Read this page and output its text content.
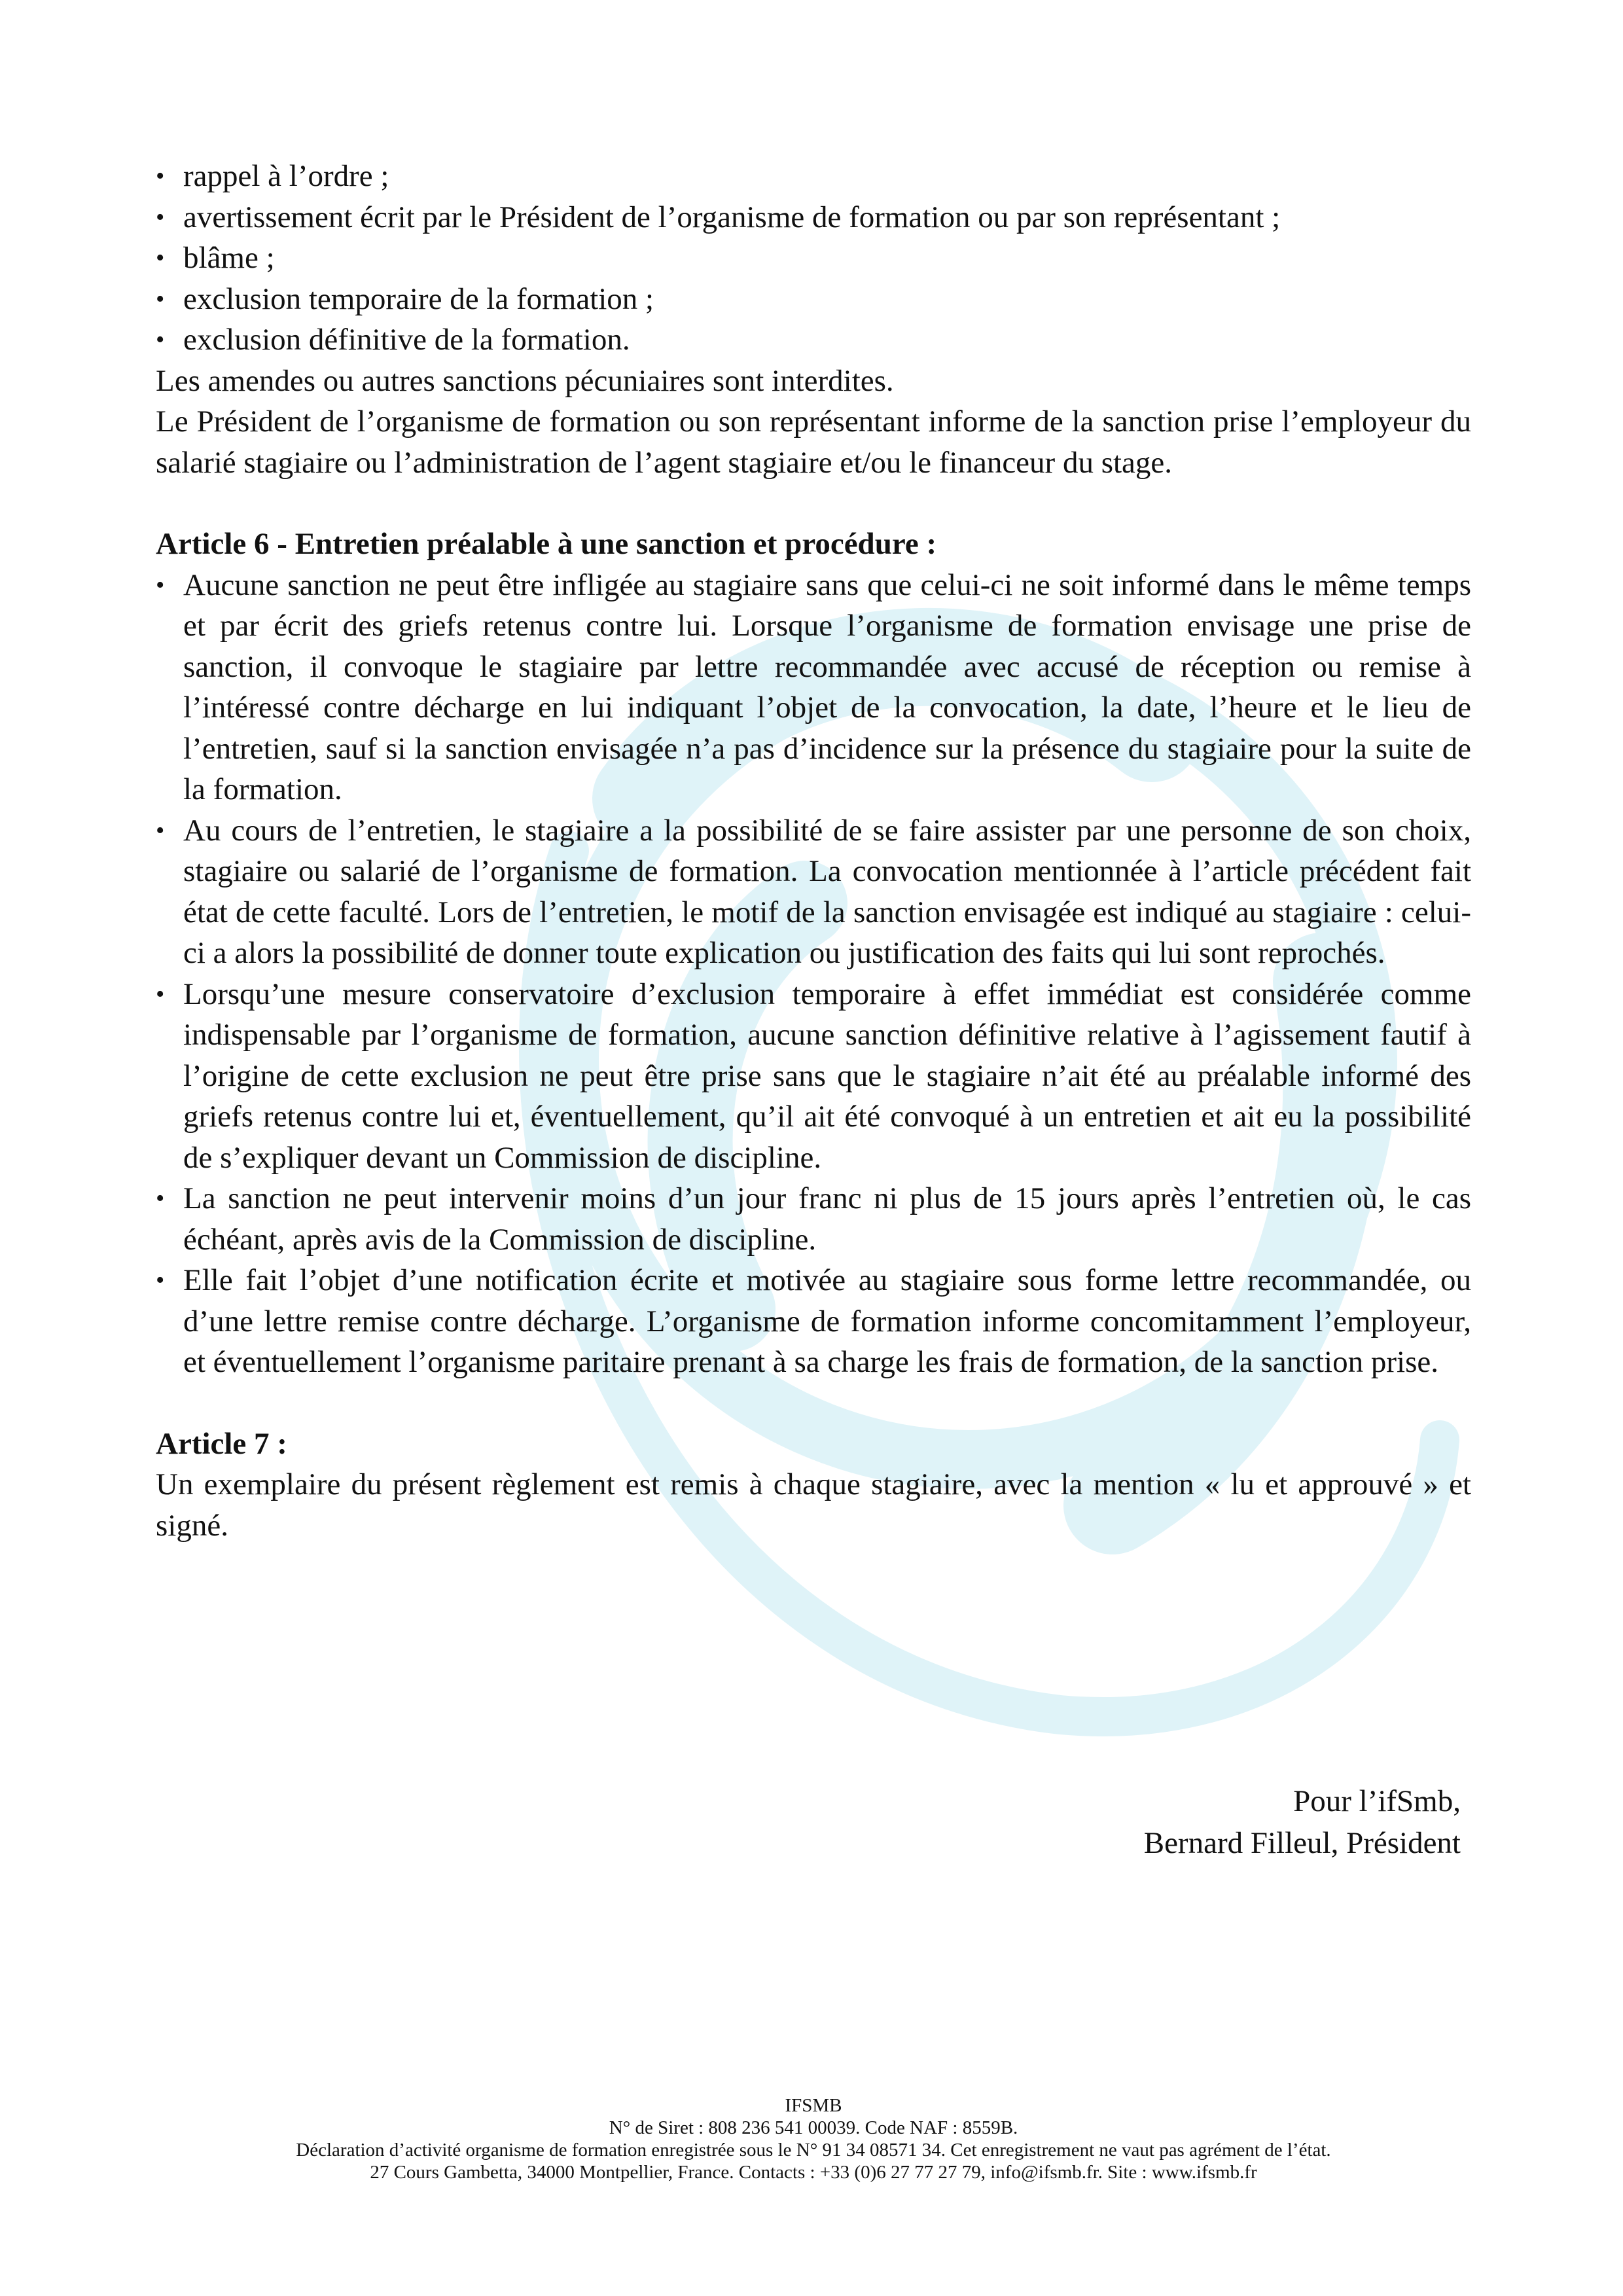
• rappel à l’ordre ;
• avertissement écrit par le Président de l’organisme de formation ou par son représentant ;
• blâme ;
• exclusion temporaire de la formation ;
• exclusion définitive de la formation.

Les amendes ou autres sanctions pécuniaires sont interdites.

Le Président de l’organisme de formation ou son représentant informe de la sanction prise l’employeur du salarié stagiaire ou l’administration de l’agent stagiaire et/ou le financeur du stage.

Article 6 - Entretien préalable à une sanction et procédure :

• Aucune sanction ne peut être infligée au stagiaire sans que celui-ci ne soit informé dans le même temps et par écrit des griefs retenus contre lui. Lorsque l’organisme de formation envisage une prise de sanction, il convoque le stagiaire par lettre recommandée avec accusé de réception ou remise à l’intéressé contre décharge en lui indiquant l’objet de la convocation, la date, l’heure et le lieu de l’entretien, sauf si la sanction envisagée n’a pas d’incidence sur la présence du stagiaire pour la suite de la formation.
• Au cours de l’entretien, le stagiaire a la possibilité de se faire assister par une personne de son choix, stagiaire ou salarié de l’organisme de formation. La convocation mentionnée à l’article précédent fait état de cette faculté. Lors de l’entretien, le motif de la sanction envisagée est indiqué au stagiaire : celui-ci a alors la possibilité de donner toute explication ou justification des faits qui lui sont reprochés.
• Lorsqu’une mesure conservatoire d’exclusion temporaire à effet immédiat est considérée comme indispensable par l’organisme de formation, aucune sanction définitive relative à l’agissement fautif à l’origine de cette exclusion ne peut être prise sans que le stagiaire n’ait été au préalable informé des griefs retenus contre lui et, éventuellement, qu’il ait été convoqué à un entretien et ait eu la possibilité de s’expliquer devant un Commission de discipline.
• La sanction ne peut intervenir moins d’un jour franc ni plus de 15 jours après l’entretien où, le cas échéant, après avis de la Commission de discipline.
• Elle fait l’objet d’une notification écrite et motivée au stagiaire sous forme lettre recommandée, ou d’une lettre remise contre décharge. L’organisme de formation informe concomitamment l’employeur, et éventuellement l’organisme paritaire prenant à sa charge les frais de formation, de la sanction prise.

Article 7 :

Un exemplaire du présent règlement est remis à chaque stagiaire, avec la mention « lu et approuvé » et signé.

Pour l’ifSmb,
Bernard Filleul, Président
IFSMB
N° de Siret : 808 236 541 00039. Code NAF : 8559B.
Déclaration d’activité organisme de formation enregistrée sous le N° 91 34 08571 34. Cet enregistrement ne vaut pas agrément de l’état.
27 Cours Gambetta, 34000 Montpellier, France. Contacts : +33 (0)6 27 77 27 79, info@ifsmb.fr. Site : www.ifsmb.fr
